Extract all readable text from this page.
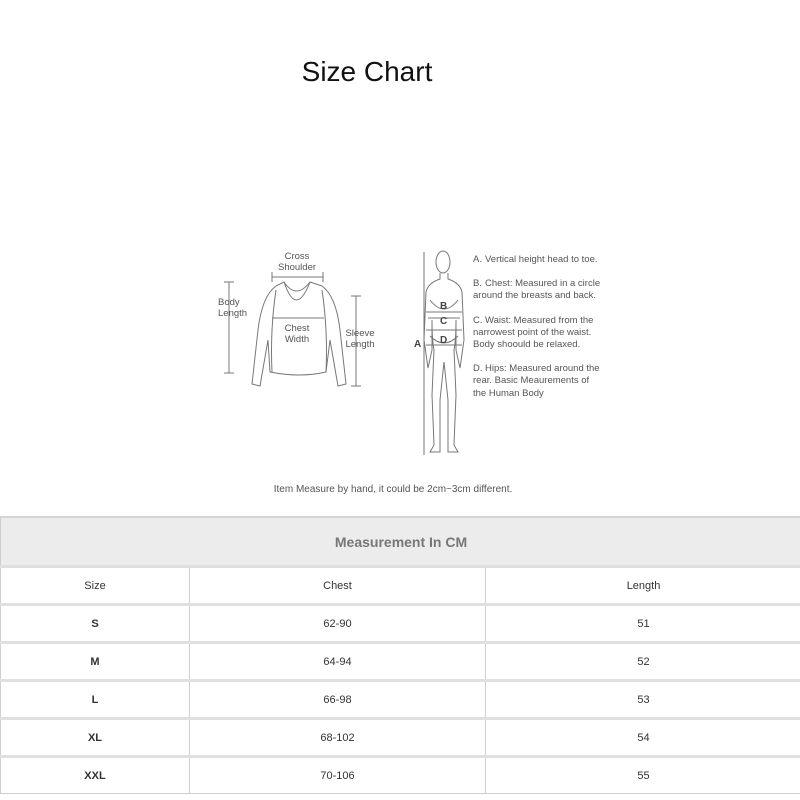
Size Chart
Cross Shoulder
Body Length
Chest Width
Sleeve Length	A
B
C
D
A. Vertical height head to toe.
B. Chest: Measured in a circle around the breasts and back.
C. Waist: Measured from the narrowest point of the waist. Body shoould be relaxed.
D. Hips: Measured around the rear. Basic Meaurements of the Human Body
Item Measure by hand, it could be 2cm~3cm different.
Measurement In CM		
Size	Chest	Length
S	62-90	51
M	64-94	52
L	66-98	53
XL	68-102	54
XXL	70-106	55
